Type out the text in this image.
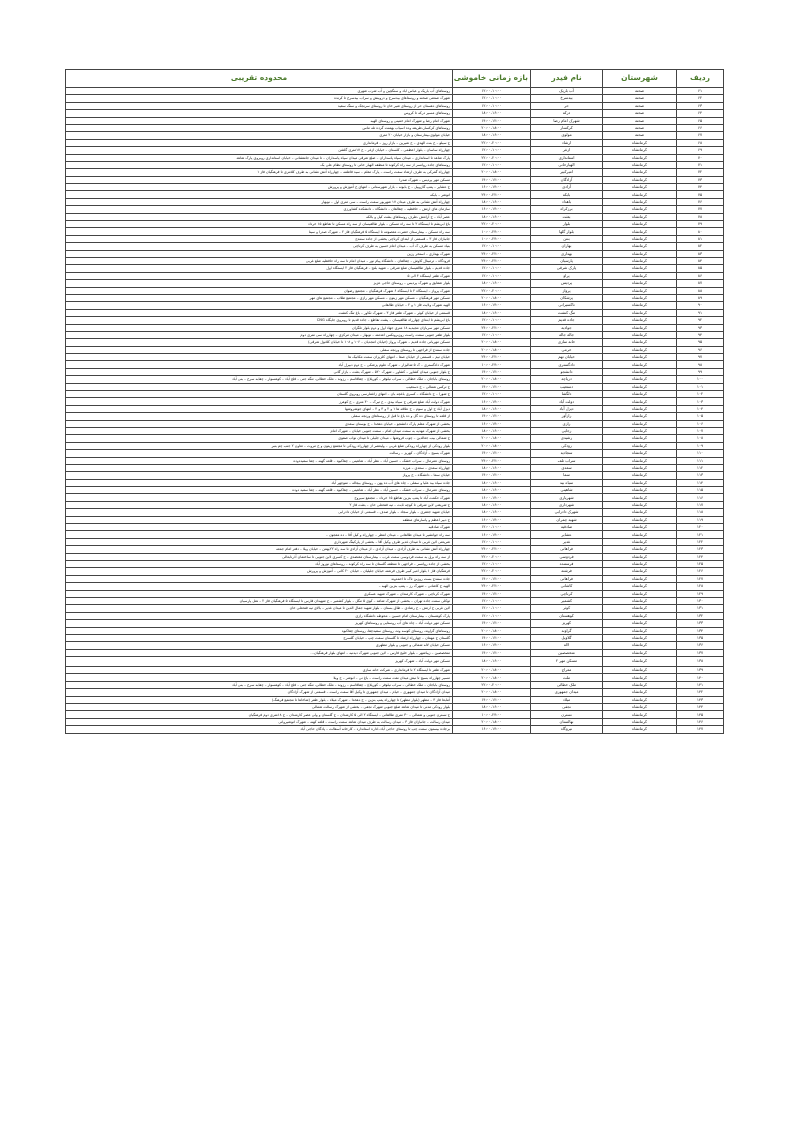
ردیف	شهرستان	نام فیدر	بازه زمانی خاموشی	محدوده تقریبی
۶۱	صحنه	آب باریک	۱۲:۰۰-۱۰:۰۰	روستاهای آب باریک و عباس اباد و سنگچین و آب شرب شهری
۶۲	صحنه	بیدسرخ	۱۲:۰۰-۱۰:۰۰	شهرک صنعتی صحنه و روستاهای بیدسرخ و دروینش و سراب بیدسرخ تا کرنده
۶۳	صحنه	حر	۱۲:۰۰-۱۰:۰۰	روستاهای دهستان حر از روستای شیر خان تا روستای سرنجک و سنگ سفید
۶۴	صحنه	درکه	۱۸:۰۰-۱۶:۰۰	روستاهای مسیر درکه تا کروس
۶۵	صحنه	شهرک امام رضا	۱۴:۰۰-۱۲:۰۰	شهرک امام رضا و شهرک امام خمینی و روستای الهیه
۶۶	صحنه	کرکسار	۲۰:۰۰-۱۸:۰۰	روستاهای کرکسار،طریقه وده اسیاب بهمنت گرده تله ماس
۶۷	صحنه	مولوی	۱۸:۰۰-۱۶:۰۰	خیابان مولوی،بیمارستان و بازار خیابان ۲۰ متری
۶۸	کرمانشاه	ارشاد	۲۲:۰۰-۲۰:۰۰	خ سیلو – خ بنت الهدی – خ شیرین – بازار روز – فرمانداری
۶۹	کرمانشاه	ازغر	۱۲:۰۰-۱۰:۰۰	چهارراه ساسان – بلوار اعظمی – کلستان – خیابان ازغر – خ ۱۷متری گلشن
۷۰	کرمانشاه	استانداری	۲۲:۰۰-۲۰:۰۰	پارک شاهد تا استانداری – میدان سپاه پاسداران – ضلع شرقی میدان سپاه پاسداران – تا میدان جانفشانی – خیابان استانداری روبروی پارک شاهد
۷۱	کرمانشاه	الهیارخانی	۱۲:۰۰-۱۰:۰۰	روستاهای جاده روانسر از سه راه کرکوند تا منطقه الهیار خانی تا روستای نظام علی بک
۷۲	کرمانشاه	امیرکبیر	۲۰:۰۰-۱۸:۰۰	چهارراه گمرکی به طرف ارشاد سمت راست – پارک معلم – سید فاطمه – چهارراه آتش نشانی به طرف کلانتری تا فرهنگیان فاز ۱
۷۳	کرمانشاه	آزادگان	۱۴:۰۰-۱۲:۰۰	مسکن مهر پردیس – شهرک صدرا
۷۴	کرمانشاه	آزادی	۱۶:۰۰-۱۴:۰۰	خ عشایر – پمپ گازوییل – خ بابونه – بازار شهرستانی – انتهای خ آموزش و پرورش
۷۵	کرمانشاه	بابکه	۲۴:۰۰-۲۲:۰۰	انوشر – بابکه
۷۶	کرمانشاه	باهداد	۱۸:۰۰-۱۶:۰۰	چهارراه آتش نشانی به طرف میدان ۱۷ شهریور سمت راست – سی متری اول – نوبهار
۷۷	کرمانشاه	برزکراه	۱۶:۰۰-۱۴:۰۰	سازمان های ارتش – حافظیه – چقالقان – دانشگاه – دانشکده کشاورزی
۷۸	کرمانشاه	بعثت	۱۸:۰۰-۱۶:۰۰	عصر آباد – خ آرامش ،طرف روستاهای بشت کیل و بالکه
۷۹	کرمانشاه	بلوار	۲۲:۰۰-۲۰:۰۰	باغ ابریشم تا ایستگاه ۲ تا سه راه مسکن – بلوار طالقیسان از سه راه مسکن تا تقاطع ۱۵ خرداد
۸۰	کرمانشاه	بلوار گلها	۱۰:۰۰-۲۴:۰۰	سه راه مسکن – بیمارستان حضرت معصومه تا ایستگاه ۵ فرهنگیان فاز ۲ – شهرک صدرا و سینا
۸۱	کرمانشاه	بنتن	۱۰:۰۰-۲۴:۰۰	جانبازان فاز ۳ – قسمتی از ابتدای کرناچی بخشی از جاده سنندج
۸۲	کرمانشاه	بهاران	۱۲:۰۰-۱۰:۰۰	بنیاد مسکن به طرف ک آب – میدان امام حسین به طرف کرناچی
۸۳	کرمانشاه	بهداری	۲۴:۰۰-۲۲:۰۰	شهرک بهداری – استخر رزین
۸۴	کرمانشاه	پارسیان	۲۴:۰۰-۲۲:۰۰	فرودگاه – ترمینال کاوش – چقالقان – دانشگاه پیام نور – میدان امام تا سه راه حافظیه ضلع غربی
۸۵	کرمانشاه	پارک شرقی	۱۲:۰۰-۱۰:۰۰	جاده قدیم – بلوار طالقیسان ضلع شرقی – شهید بلنج – فرهنگیان فاز ۲ ایستگاه اول
۸۶	کرمانشاه	پراو	۱۲:۰۰-۱۰:۰۰	شهرک ظفر ایستگاه ۴ الی ۵
۸۷	کرمانشاه	پردیس	۱۸:۰۰-۱۶:۰۰	بلوار شقایق و شهرک پردیس – روستای حاجی عزیز
۸۸	کرمانشاه	پرواز	۲۲:۰۰-۲۰:۰۰	شهرک پرواز – ایستگاه ۲ تا ایستگاه ۶ شهرک فرهنگیان – مجتمع رضوان
۸۹	کرمانشاه	پزشکان	۲۰:۰۰-۱۸:۰۰	مسکن مهر فرهنگیان – مسکن مهر زیتون – مسکن مهر رازی – مجتمع طلاب – مجتمع های مهر
۹۰	کرمانشاه	تاکسیرانی	۱۶:۰۰-۱۴:۰۰	الهیه شهرک ولایت فاز ۱ و ۲ – خیابان طالقانی
۹۱	کرمانشاه	تنگ کنشت	۱۸:۰۰-۱۶:۰۰	قسمتی از خیابان کوثر – شهرک ظفر فاز ۳ – شهرک تکاور – باغ تنگ کنشت
۹۲	کرمانشاه	جاده قدیم	۱۲:۰۰-۱۰:۰۰	باغ ابریشم تا ابتدای چهارراه طالقیسان – پشت تقاطع – جاده قدیم تا روبروی جایگاه CNG
۹۳	کرمانشاه	جوادیه	۲۴:۰۰-۲۲:۰۰	مسکن مهر سربازان مجیدیه ۱۸ متری جهاد اول و دوم بلوار تلگران
۹۴	کرمانشاه	جاله جاله	۱۲:۰۰-۱۰:۰۰	بلوار ظفر جنوبی سمت راست روزبرونکس اعدمته – نوبهار – میدان مرکزی – چهارراه سی متری دوم
۹۵	کرمانشاه	خانه سازی	۲۰:۰۰-۱۸:۰۰	مسکن مهربانی جاده قدیم – شهرک پرواز (خیابان امجدیان – ۱۰۶ و ۱۰۸ تا خیابان کلانول شرقی)
۹۶	کرمانشاه	خرمی	۲۰:۰۰-۱۸:۰۰	جاده سنندج از فراجهی تا روستای ورنجه سفلی
۹۷	کرمانشاه	خیابان تهم	۲۴:۰۰-۲۲:۰۰	خیابان تیم – قسمتی از خیابان صفا – انتهای کلزیزان سمت مکانیک ها
۹۸	کرمانشاه	دادگستری	۱۰:۰۰-۲۴:۰۰	شهرک دادگستری – ک ۵ شالیزار – شهرک علوم پزشکی – خ دوم دبیرل آباد
۹۹	کرمانشاه	دانشجو	۱۴:۰۰-۱۲:۰۰	خ بلوار جنوبی میدان کشاور – کشاور – شهرک ۵۲۰ – شهرک بعثت – بازار گانی
۱۰۰	کرمانشاه	دریاچه	۲۰:۰۰-۱۸:۰۰	روستای باباجان – ملک خطائی – سراب نیلوفر – کوریلاغ – چقاقاسم – رزوند – ملک خطائی، تنگه جنی – فلح آباد – کوهسوار – چقابه سرخ – بنی آباد
۱۰۱	کرمانشاه	دستغیب	۱۴:۰۰-۱۲:۰۰	خ ترکس شمالی – خ دستغیب
۱۰۲	کرمانشاه	دلگشا	۱۲:۰۰-۱۰:۰۰	خ شورا – خ دانشگاه – کسری باغچه بان – انتهای زاغمارسی روبروی گلستان
۱۰۳	کرمانشاه	دولت آباد	۱۶:۰۰-۱۴:۰۰	شهرک دولت آباد ضلع شرقی خ سیاه بیدی – خ تیرک – ۳۰ متری – خ کوهرز
۱۰۴	کرمانشاه	دیزل آباد	۱۸:۰۰-۱۶:۰۰	دیزل آباد خ اول و سوم – خ علاقه ها ۱ و ۲ و ۳ و ۴ – انتهای جوشروشها
۱۰۵	کرمانشاه	رازآور	۱۴:۰۰-۱۲:۰۰	از قلعه تا روستای ده گل و ده باغ تا قبل از روستاهای ورنجه سفلی
۱۰۶	کرمانشاه	رازی	۱۶:۰۰-۱۴:۰۰	بخشی از شهرک معلم پارک دانشجو – خیابان دهخدا – خ بوستان سعدی
۱۰۷	کرمانشاه	رجایی	۱۸:۰۰-۱۶:۰۰	بخشی از شهرک مهدیه به سمت میدان امام – سمت جنوبی خیابان – شهرک امام
۱۰۸	کرمانشاه	رشیدی	۲۰:۰۰-۱۸:۰۰	خ شمالی بیب جعالدین – چوب فروشها – میدان جلیلی تا میدان نواب صفوی
۱۰۹	کرمانشاه	رودکی	۲۰:۰۰-۱۸:۰۰	بلوار رودکی از چهارراه رودکی ضلع غربی – ولیعصر از چهارراه رودکی تا مجتمع زیتون و خ مروت – تعاون ۲ جنب چم بتبر
۱۱۰	کرمانشاه	سجادیه	۱۴:۰۰-۱۲:۰۰	شهرک بسیج – آزادگان – کهریز – رسالت
۱۱۱	کرمانشاه	سراب تلف	۲۴:۰۰-۲۲:۰۰	روستای عمرمال – سراب خشک – حسین آباد – نظر آباد – شاهینی – چقاکبود – قلعه گهنه – چقا سفیددوده
۱۱۲	کرمانشاه	سعدی	۱۸:۰۰-۱۶:۰۰	چهارراه سعدی – سعدی – مرزه
۱۱۳	کرمانشاه	سما	۱۴:۰۰-۱۲:۰۰	خیابان سما – دانشگاه – خ پرواز
۱۱۴	کرمانشاه	سیاه بید	۱۸:۰۰-۱۶:۰۰	جاده سیاه بید علیا و سفلی – چاه های آب ده پهن – روستای بیجاله – منوچهر آباد
۱۱۵	کرمانشاه	شاهینی	۱۸:۰۰-۱۶:۰۰	روستای عمرمال – سراب خشک – حسین آباد – نظر آباد – شاهینی – چقاکبود – قلعه گهنه – چقا سفید دوده
۱۱۶	کرمانشاه	شهریاری	۱۶:۰۰-۱۴:۰۰	شهرک حکمت آباد تا پمپ بنزین تقاطع ۱۵ خرداد – مجتمع سیروخ
۱۱۷	کرمانشاه	شهرداری	۱۸:۰۰-۱۶:۰۰	خ شریعتی لاین شرقی تا کوچه ثابت – تیه فتحعلی خان – بعثت فاز ۲
۱۱۸	کرمانشاه	شهرک دادرابی	۱۸:۰۰-۱۶:۰۰	خیابان شهید جعفری – بلوار سجاد – بلوار صدف – قسمتی از خیابان دادرابی
۱۱۹	کرمانشاه	شهید چمران	۱۶:۰۰-۱۴:۰۰	خ دبیر اعظم و پاسارهای منطقه
۱۲۰	کرمانشاه	صادقیه	۱۲:۰۰-۱۰:۰۰	شهرک صادقیه
۱۲۱	کرمانشاه	عشایر	۱۶:۰۰-۱۴:۰۰	سه راه جوانشیر تا میدان طالقانی – میدان انتظر – چهارراه و کیل آقا – ده معجون –
۱۲۲	کرمانشاه	غدیر	۱۲:۰۰-۱۰:۰۰	شریعتی لاین غربی تا میدان غدیر طرف وکیل آقا – بخشی از پارکینگ شهرداری
۱۲۳	کرمانشاه	فراهانی	۲۴:۰۰-۲۲:۰۰	چهارراه آتش نشانی به طرف آزادی – میدان آزادی – از میدان آزادی تا سه راه ۲۲بهمن – خیابان ویلا – دفتر امام جمعه
۱۲۴	کرمانشاه	فردوسی	۲۲:۰۰-۲۰:۰۰	از سه راه برق به سمت فردوسی سمت غرب – بیمارستان معتضدی – خ کسری لاین جنوبی تا ساختمان آذرنابعالی
۱۲۵	کرمانشاه	فرستنده	۱۲:۰۰-۱۰:۰۰	بخشی از جاده روانسر – فراجهی تا منطقه گلستان تا سه راه کرکوند – روستاهای نوروز آباد
۱۲۶	کرمانشاه	فرشته	۲۲:۰۰-۲۰:۰۰	فرهنگیان فاز ۱ بلوار امیر کبیر طرف فرشته خیابان جلیلیان – خیابان ۲۰ کانی – آموزش و پرورش
۱۲۷	کرمانشاه	فراهانی	۱۴:۰۰-۱۲:۰۰	جاده سنندج بست روزبن تاک تا احمدوند
۱۲۸	کرمانشاه	کاشانی	۲۴:۰۰-۲۲:۰۰	الهیه خ کاشانی – شهرک رز – پمپ بنزین الهیه –
۱۲۹	کرمانشاه	کرناچی	۱۴:۰۰-۱۲:۰۰	شهرک کرناچی – شهرک کارمندان – شهرک شهید عسکری
۱۳۰	کرمانشاه	کشمیر	۱۲:۰۰-۱۰:۰۰	توکلی سمت جاده تهران – بخشی از شهرک شاهد – کوی ۵ مگل – بلوار کشمیر – خ شهیدان فارس تا ایستگاه ۵ فرهنگیان فاز ۲ – هتل پارسیان
۱۳۱	کرمانشاه	کوثر	۱۲:۰۰-۱۰:۰۰	لاین غربی خ ارتش – خ رشادی – طاق بستان – بلوار شهید جمال الدین تا میدان غدیر – بالای تیه فتحعلی خان
۱۳۲	کرمانشاه	کوهستان	۱۲:۰۰-۱۰:۰۰	پارک کوهستان – بیمارستان امام حسین – محوطه دانشگاه رازی
۱۳۳	کرمانشاه	کهریز	۱۴:۰۰-۱۲:۰۰	مسکن مهر دولت آباد – چاه های آب روستایی و روستاهای کهریز
۱۳۴	کرمانشاه	گراوند	۲۰:۰۰-۱۸:۰۰	روستاهای گراوند، روستای کوسه وند، روستای سفیدچقا، روستای چقاکبود
۱۳۵	کرمانشاه	گلاویل	۱۴:۰۰-۱۲:۰۰	گلستان خ مهمان – چهارراه ارشاد تا گلستان سمت چپ – خیابان گلسرخ
۱۳۶	کرمانشاه	لاله	۱۶:۰۰-۱۴:۰۰	مسکن خیابان لاله شمالی و جنوبی و بلوار مطهری
۱۳۷	کرمانشاه	متخصصین	۱۴:۰۰-۱۲:۰۰	متخصصین – زیباشهر – بلوار خلیج فارس – لاین جنوبی شهرک دیدنیه – انتهای بلوار فرهنگیان…
۱۳۸	کرمانشاه	مسکن مهر ۲	۱۸:۰۰-۱۶:۰۰	مسکن مهر دولت آباد – شهرک کهریز
۱۳۹	کرمانشاه	معراج	۲۰:۰۰-۱۸:۰۰	شهرک ظفر تا ایستگاه ۲ تا فرمانداری – شرکت خانه سازی
۱۴۰	کرمانشاه	ملت	۲۰:۰۰-۱۸:۰۰	مسیر چهارراه بسیج تا نبش میدان نفت سمت راست – باغ نی – انوشر – خ ویلا
۱۴۱	کرمانشاه	ملک خطائی	۲۲:۰۰-۲۰:۰۰	روستای باباجان – ملک خطائی – سراب نیلوفر – کوریلاغ – چقاقاسم – رزوند – ملک خطائی، تنگه جنی – فلح آباد – کوهسوار – چقابه سرخ – بنی آباد
۱۴۲	کرمانشاه	میدان جمهوری	۲۰:۰۰-۱۸:۰۰	میدان آزادگان تا میدان جمهوری – خیام – میدان جمهوری تا وکیل آقا سمت راست – قسمتی از شهرک آزادگان
۱۴۳	کرمانشاه	میلاد	۱۴:۰۰-۱۲:۰۰	آتنابغا فاز ۳ – مطهر (بلوار مطهر) تا چهارراه پمپ بنزین – خ دهخدا – شهرک میلاد – بلوار ظفر (شاخاها تا مجتمع فرهنگ)
۱۴۴	کرمانشاه	نجفی	۱۸:۰۰-۱۶:۰۰	بلوار رودکی مدنی تا میدان شاهد ضلع جنوبی شهرک نجفی – بخشی از شهرک رسالت شمالی
۱۴۵	کرمانشاه	نسترن	۱۰:۰۰-۲۴:۰۰	خ نسترن جنوبی و شمالی – ۳۰ متری طالقانی – ایستگاه ۲ الی ۵ کارمندان – خ گلستان و ولی عصر کارمندان – خ ۱۸متری دوم فرهنگیان
۱۴۶	کرمانشاه	نهالستان	۲۰:۰۰-۱۸:۰۰	میدان رسالت – جانبازان فاز ۳ – میدان رسالت به طرف میدان شاهد سمت راست – قلعه کهنه – شهرک انوشیروانی
۱۴۷	کرمانشاه	نیروگاه	۱۶:۰۰-۱۴:۰۰	برجاده بیستون سمت چپ تا روستای حاجی آباد–اداره استاندارد – کارخانه آسفالت – پادگان حاجی آباد
